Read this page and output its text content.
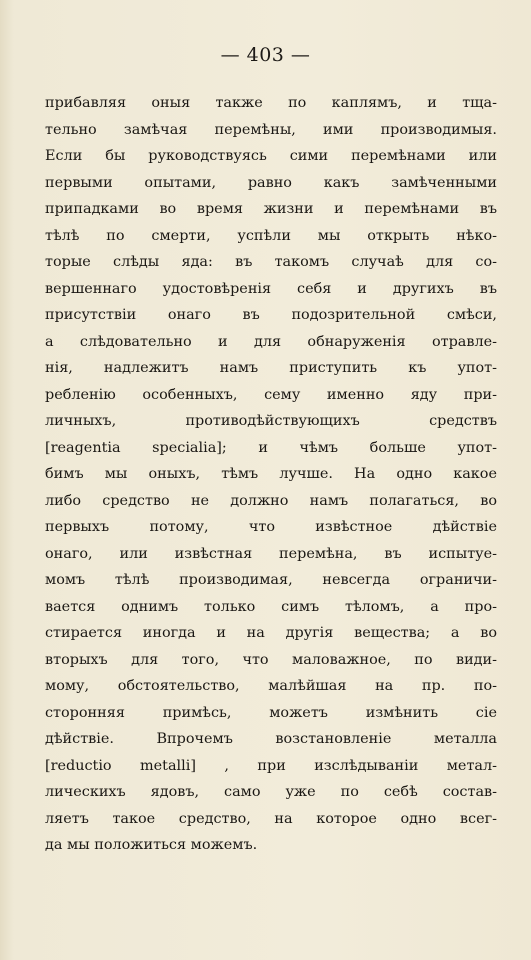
— 403 —
прибавляя оныя также по каплямъ, и тща-
тельно замѣчая перемѣны, ими производимыя.
Если бы руководствуясь сими перемѣнами или
первыми опытами, равно какъ замѣченными
припадками во время жизни и перемѣнами въ
тѣлѣ по смерти, успѣли мы открыть нѣко-
торые слѣды яда: въ такомъ случаѣ для со-
вершеннаго удостовѣренія себя и другихъ въ
присутствіи онаго въ подозрительной смѣси,
а слѣдовательно и для обнаруженія отравле-
нія, надлежитъ намъ приступить къ упот-
ребленію особенныхъ, сему именно яду при-
личныхъ, противодѣйствующихъ средствъ
[reagentia specialia]; и чѣмъ больше упот-
бимъ мы оныхъ, тѣмъ лучше. На одно какое
либо средство не должно намъ полагаться, во
первыхъ потому, что извѣстное дѣйствіе
онаго, или извѣстная перемѣна, въ испытуе-
момъ тѣлѣ производимая, невсегда ограничи-
вается однимъ только симъ тѣломъ, а про-
стирается иногда и на другія вещества; а во
вторыхъ для того, что маловажное, по види-
мому, обстоятельство, малѣйшая на пр. по-
сторонняя примѣсь, можетъ измѣнить сіе
дѣйствіе. Впрочемъ возстановленіе металла
[reductio metalli] , при изслѣдываніи метал-
лическихъ ядовъ, само уже по себѣ состав-
ляетъ такое средство, на которое одно всег-
да мы положиться можемъ.
